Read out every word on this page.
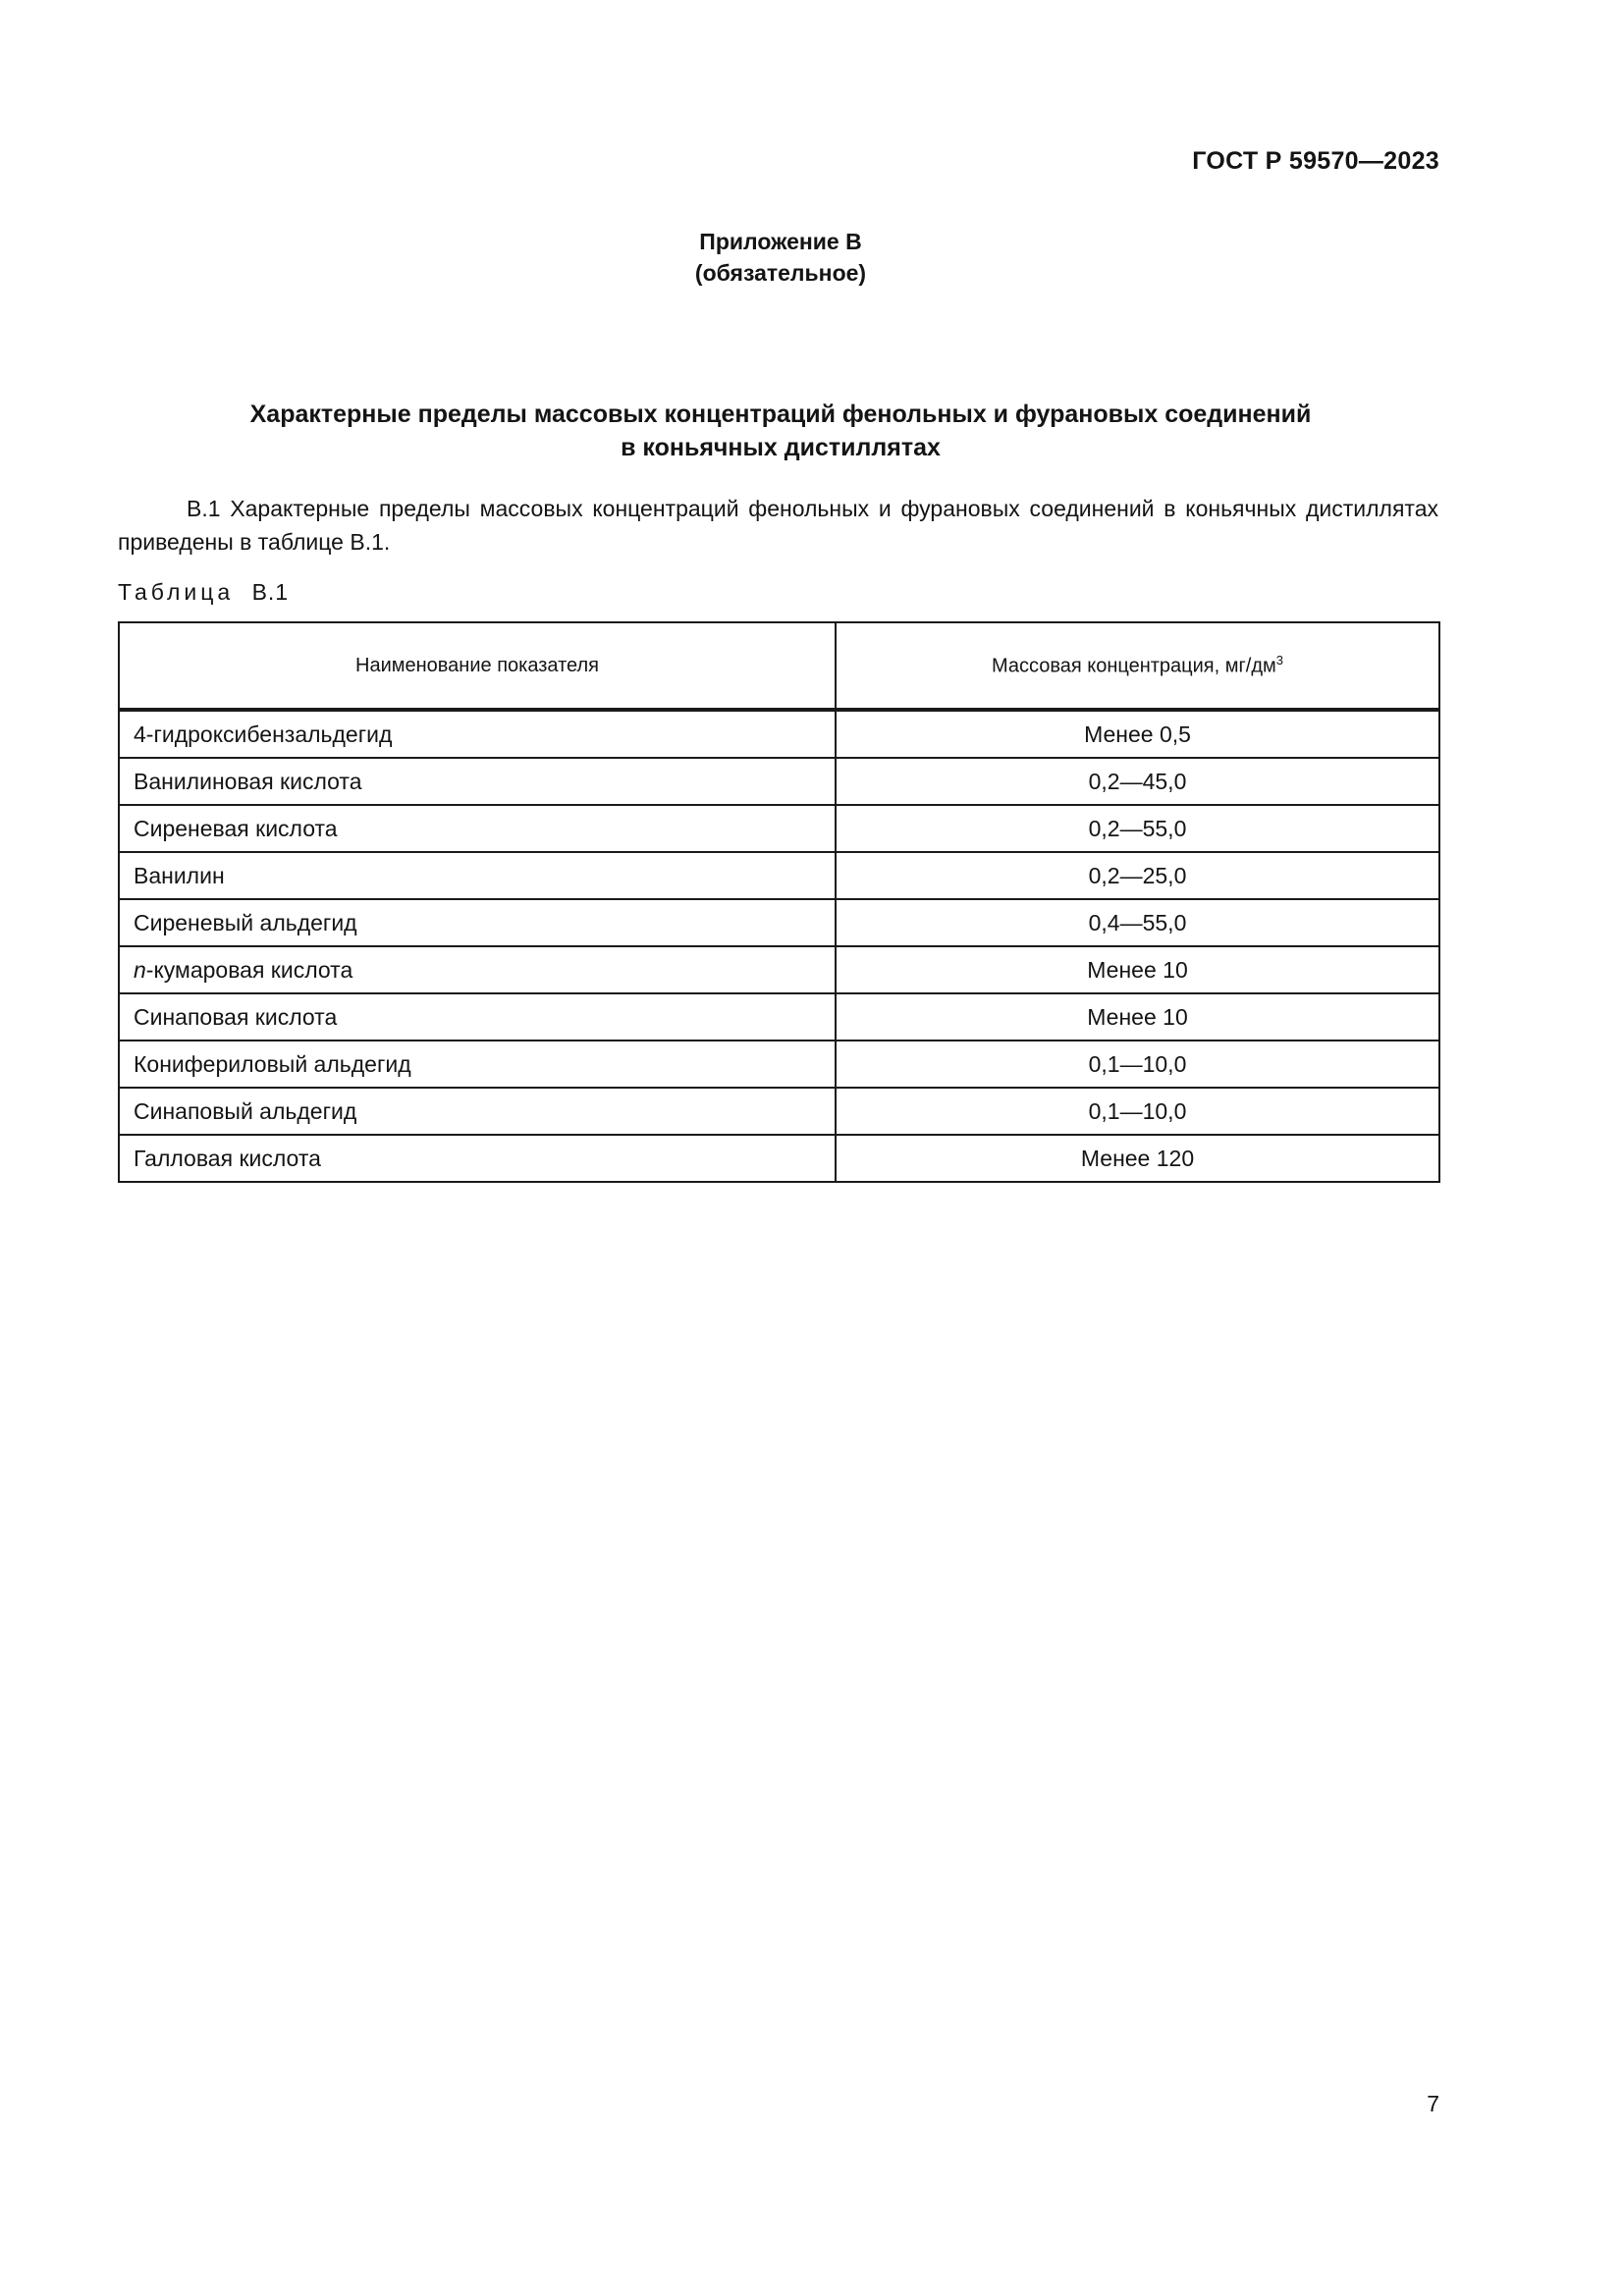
ГОСТ Р 59570—2023
Приложение В
(обязательное)
Характерные пределы массовых концентраций фенольных и фурановых соединений
в коньячных дистиллятах

В.1 Характерные пределы массовых концентраций фенольных и фурановых соединений в коньячных дистиллятах приведены в таблице В.1.

Таблица В.1
Наименование показателя	Массовая концентрация, $мг/дм^3$
4-гидроксибензальдегид	Менее 0,5
Ванилиновая кислота	0,2—45,0
Сиреневая кислота	0,2—55,0
Ванилин	0,2—25,0
Сиреневый альдегид	0,4—55,0
n-кумаровая кислота	Менее 10
Синаповая кислота	Менее 10
Конифериловый альдегид	0,1—10,0
Синаповый альдегид	0,1—10,0
Галловая кислота	Менее 120
7
